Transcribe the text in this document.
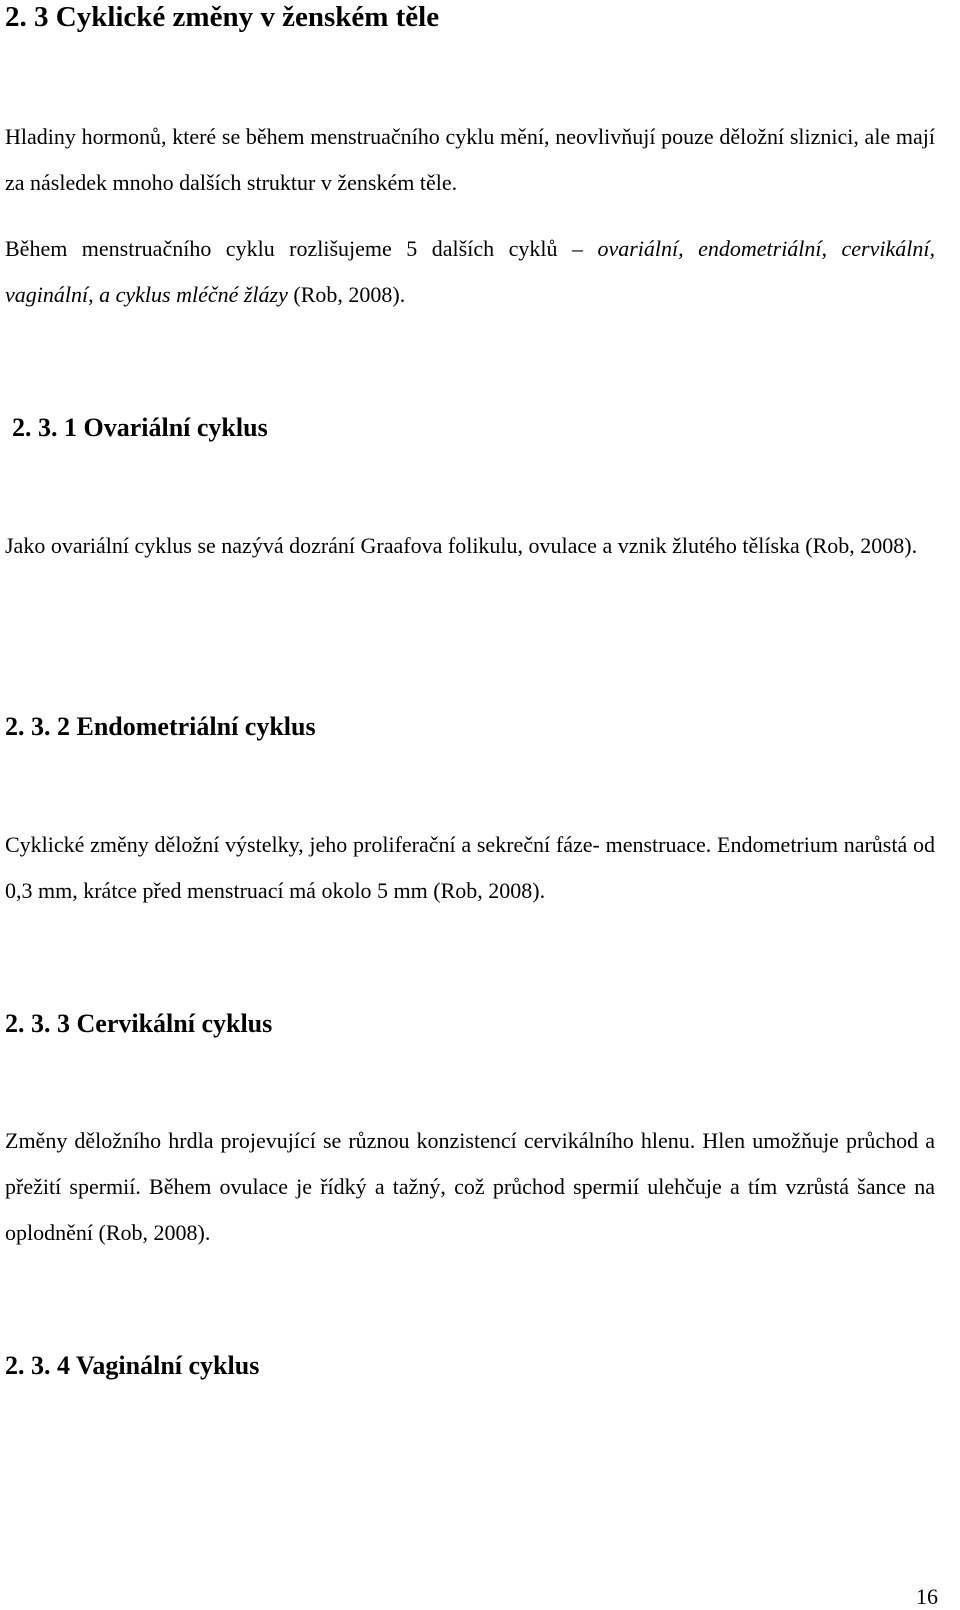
2. 3 Cyklické změny v ženském těle

Hladiny hormonů, které se během menstruačního cyklu mění, neovlivňují pouze děložní sliznici, ale mají za následek mnoho dalších struktur v ženském těle.

Během menstruačního cyklu rozlišujeme 5 dalších cyklů – ovariální, endometriální, cervikální, vaginální, a cyklus mléčné žlázy (Rob, 2008).

2. 3. 1 Ovariální cyklus

Jako ovariální cyklus se nazývá dozrání Graafova folikulu, ovulace a vznik žlutého tělíska (Rob, 2008).

2. 3. 2 Endometriální cyklus

Cyklické změny děložní výstelky, jeho proliferační a sekreční fáze- menstruace. Endometrium narůstá od 0,3 mm, krátce před menstruací má okolo 5 mm (Rob, 2008).

2. 3. 3 Cervikální cyklus

Změny děložního hrdla projevující se různou konzistencí cervikálního hlenu. Hlen umožňuje průchod a přežití spermií. Během ovulace je řídký a tažný, což průchod spermií ulehčuje a tím vzrůstá šance na oplodnění (Rob, 2008).

2. 3. 4 Vaginální cyklus
16
